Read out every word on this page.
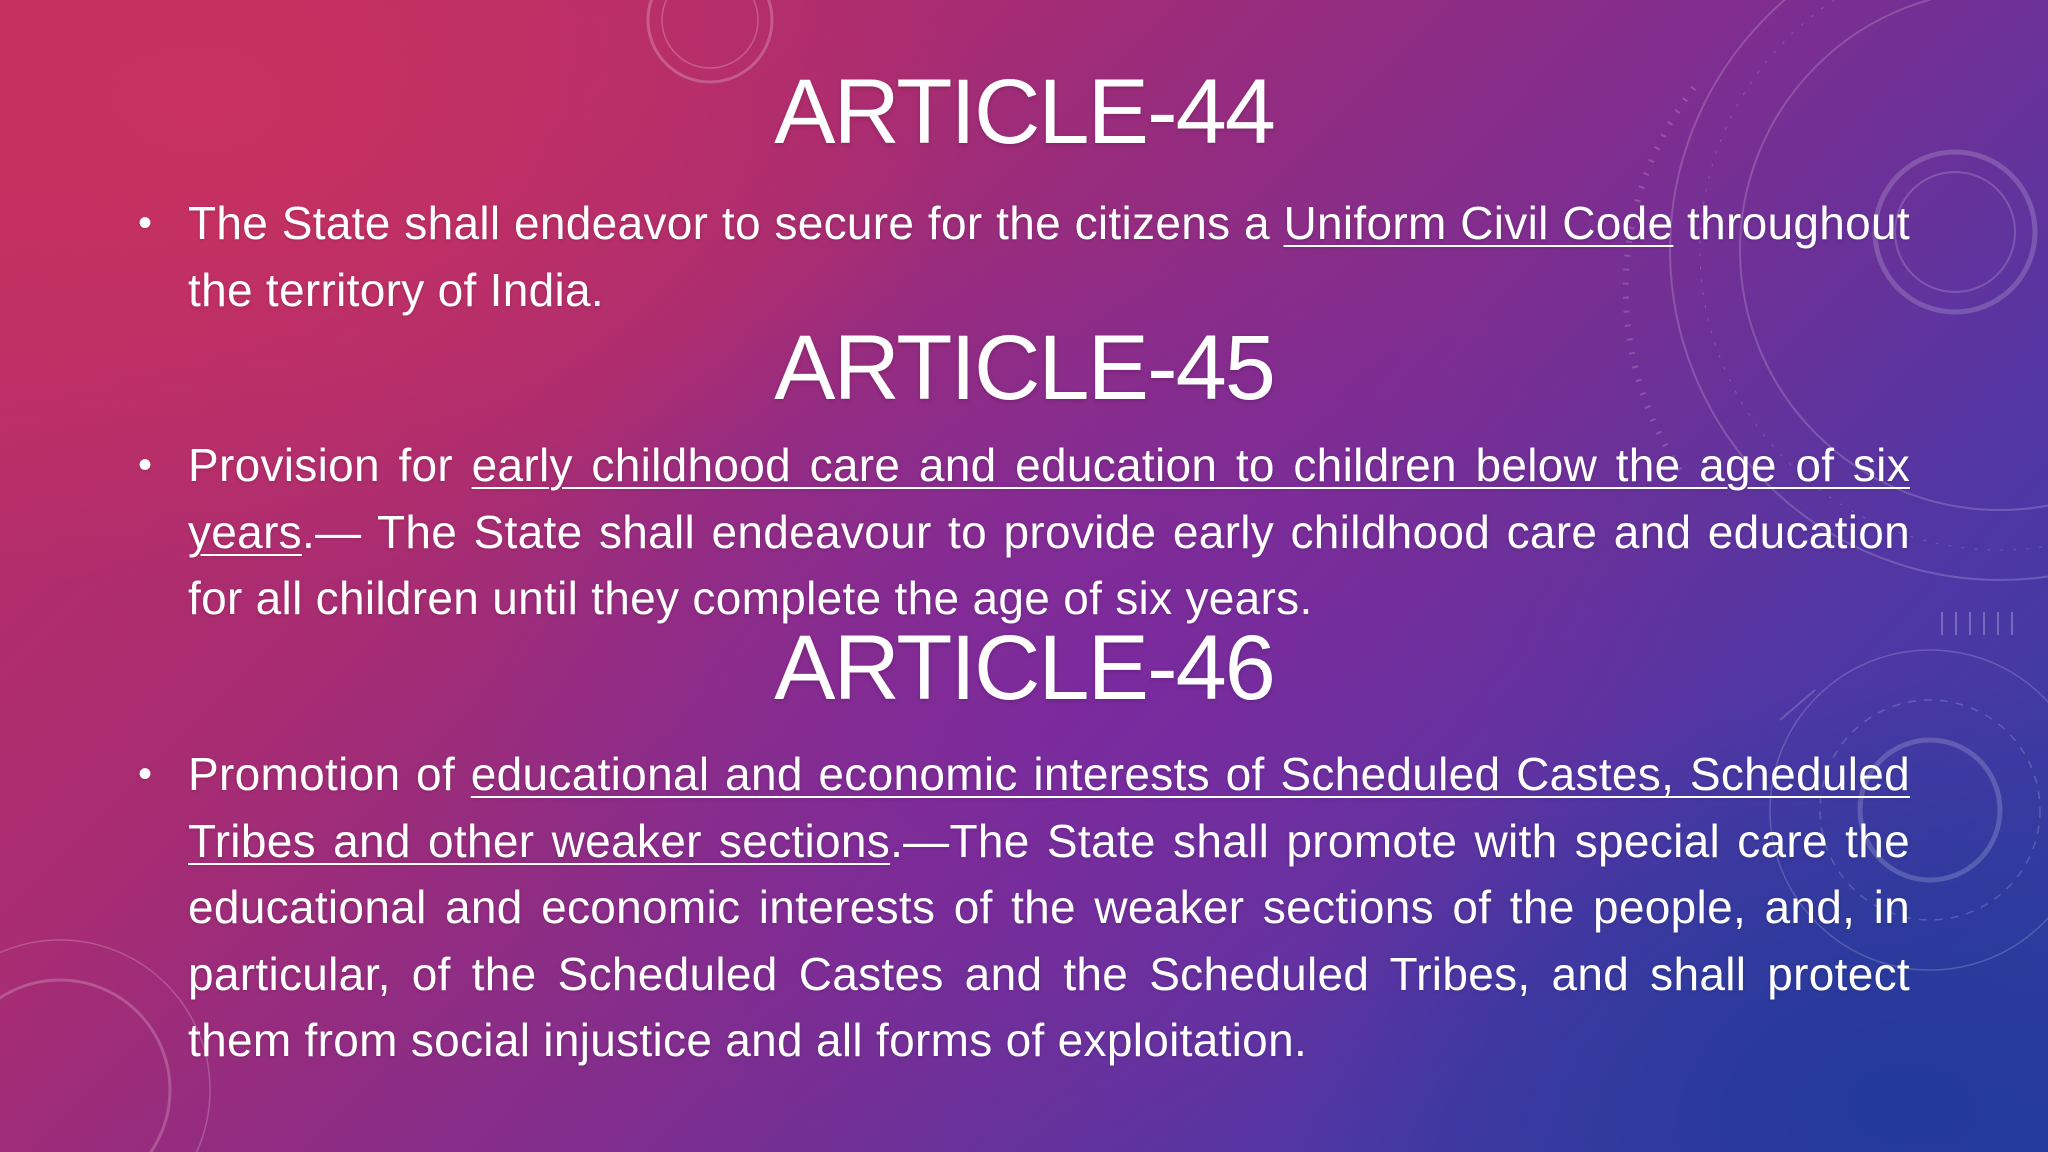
ARTICLE-44
• The State shall endeavor to secure for the citizens a Uniform Civil Code throughout the territory of India.
ARTICLE-45
• Provision for early childhood care and education to children below the age of six years.— The State shall endeavour to provide early childhood care and education for all children until they complete the age of six years.
ARTICLE-46
• Promotion of educational and economic interests of Scheduled Castes, Scheduled Tribes and other weaker sections.—The State shall promote with special care the educational and economic interests of the weaker sections of the people, and, in particular, of the Scheduled Castes and the Scheduled Tribes, and shall protect them from social injustice and all forms of exploitation.
